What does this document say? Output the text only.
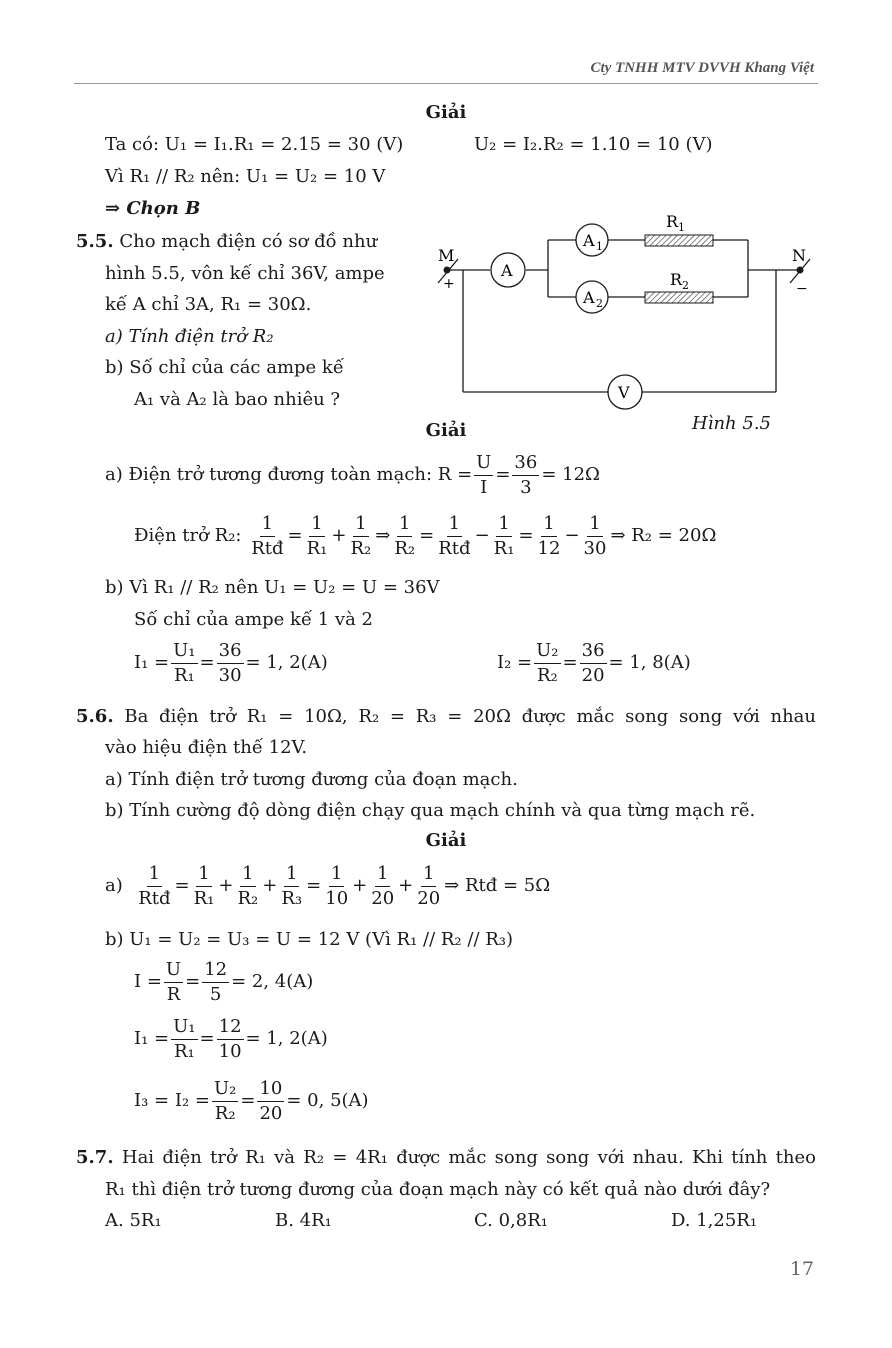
Cty TNHH MTV DVVH Khang Việt
Giải
Ta có: U₁ = I₁.R₁ = 2.15 = 30 (V)	U₂ = I₂.R₂ = 1.10 = 10 (V)
Vì R₁ // R₂ nên: U₁ = U₂ = 10 V
⇒ Chọn B
5.5. Cho mạch điện có sơ đồ như
hình 5.5, vôn kế chỉ 36V, ampe
kế A chỉ 3A, R₁ = 30Ω.
a) Tính điện trở R₂
b) Số chỉ của các ampe kế
A₁ và A₂ là bao nhiêu ?
M	N
+	−
A
A 1
A 2
V
R 1
R 2
Hình 5.5
Giải
a) Điện trở tương đương toàn mạch: $R = \frac{U}{I} = \frac{36}{3} = 12\Omega$
Điện trở R₂:
$\frac{1}{\text{Rtđ}} = \frac{1}{\text{R₁}} + \frac{1}{\text{R₂}}$ ⇒ $\frac{1}{\text{R₂}} = \frac{1}{\text{Rtđ}} - \frac{1}{\text{R₁}} = \frac{1}{12} - \frac{1}{30}$ ⇒ R₂ = 20Ω
b) Vì R₁ // R₂ nên U₁ = U₂ = U = 36V
Số chỉ của ampe kế 1 và 2
$I_1 = \frac{\text{U₁}}{\text{R₁}} = \frac{36}{30} = 1$, 2(A)	$I_2 = \frac{\text{U₂}}{\text{R₂}} = \frac{36}{20} = 1$, 8(A)
5.6. Ba điện trở R₁ = 10Ω, R₂ = R₃ = 20Ω được mắc song song với nhau
vào hiệu điện thế 12V.
a) Tính điện trở tương đương của đoạn mạch.
b) Tính cường độ dòng điện chạy qua mạch chính và qua từng mạch rẽ.
Giải
a)
$\frac{1}{\text{Rtđ}} = \frac{1}{\text{R₁}} + \frac{1}{\text{R₂}} + \frac{1}{\text{R₃}} = \frac{1}{10} + \frac{1}{20} + \frac{1}{20}$ ⇒ Rtđ = 5Ω
b) U₁ = U₂ = U₃ = U = 12 V (Vì R₁ // R₂ // R₃)
$I = \frac{U}{R} = \frac{12}{5} = 2$, 4(A)
$I_1 = \frac{\text{U₁}}{\text{R₁}} = \frac{12}{10} = 1$, 2(A)
$I_3 = I_2 = \frac{\text{U₂}}{\text{R₂}} = \frac{10}{20} = 0$, 5(A)
5.7. Hai điện trở R₁ và R₂ = 4R₁ được mắc song song với nhau. Khi tính theo
R₁ thì điện trở tương đương của đoạn mạch này có kết quả nào dưới đây?
A. 5R₁	B. 4R₁	C. 0,8R₁	D. 1,25R₁
17
